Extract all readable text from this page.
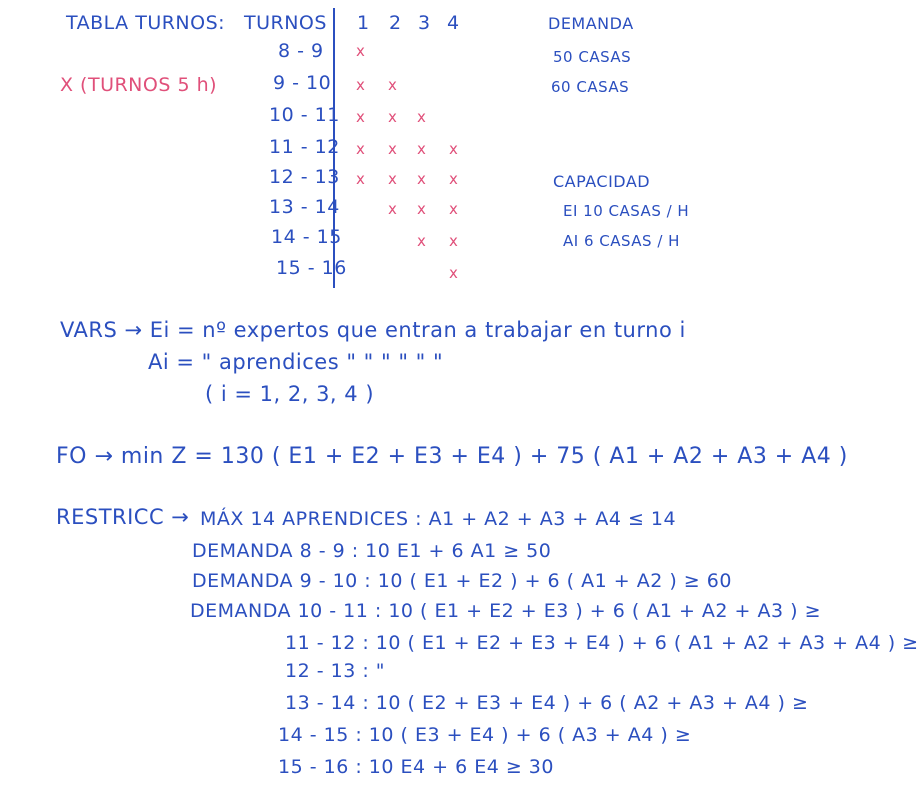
TABLA TURNOS: TURNOS 1 2 3 4
8 - 9
9 - 10
10 - 11
11 - 12
12 - 13
13 - 14
14 - 15
15 - 16
x
x x
x x x
x x x x
x x x x
x x x
x x
x
X (TURNOS 5 h)
DEMANDA
50 CASAS
60 CASAS
CAPACIDAD
EI 10 CASAS / H
AI 6 CASAS / H
VARS → Ei = nº expertos que entran a trabajar en turno i
Ai = " aprendices " " " " " "
( i = 1, 2, 3, 4 )
FO → min Z = 130 ( E1 + E2 + E3 + E4 ) + 75 ( A1 + A2 + A3 + A4 )
RESTRICC → MÁX 14 APRENDICES : A1 + A2 + A3 + A4 ≤ 14
DEMANDA 8 - 9 : 10 E1 + 6 A1 ≥ 50
DEMANDA 9 - 10 : 10 ( E1 + E2 ) + 6 ( A1 + A2 ) ≥ 60
DEMANDA 10 - 11 : 10 ( E1 + E2 + E3 ) + 6 ( A1 + A2 + A3 ) ≥
11 - 12 : 10 ( E1 + E2 + E3 + E4 ) + 6 ( A1 + A2 + A3 + A4 ) ≥
12 - 13 : "
13 - 14 : 10 ( E2 + E3 + E4 ) + 6 ( A2 + A3 + A4 ) ≥
14 - 15 : 10 ( E3 + E4 ) + 6 ( A3 + A4 ) ≥
15 - 16 : 10 E4 + 6 E4 ≥ 30
